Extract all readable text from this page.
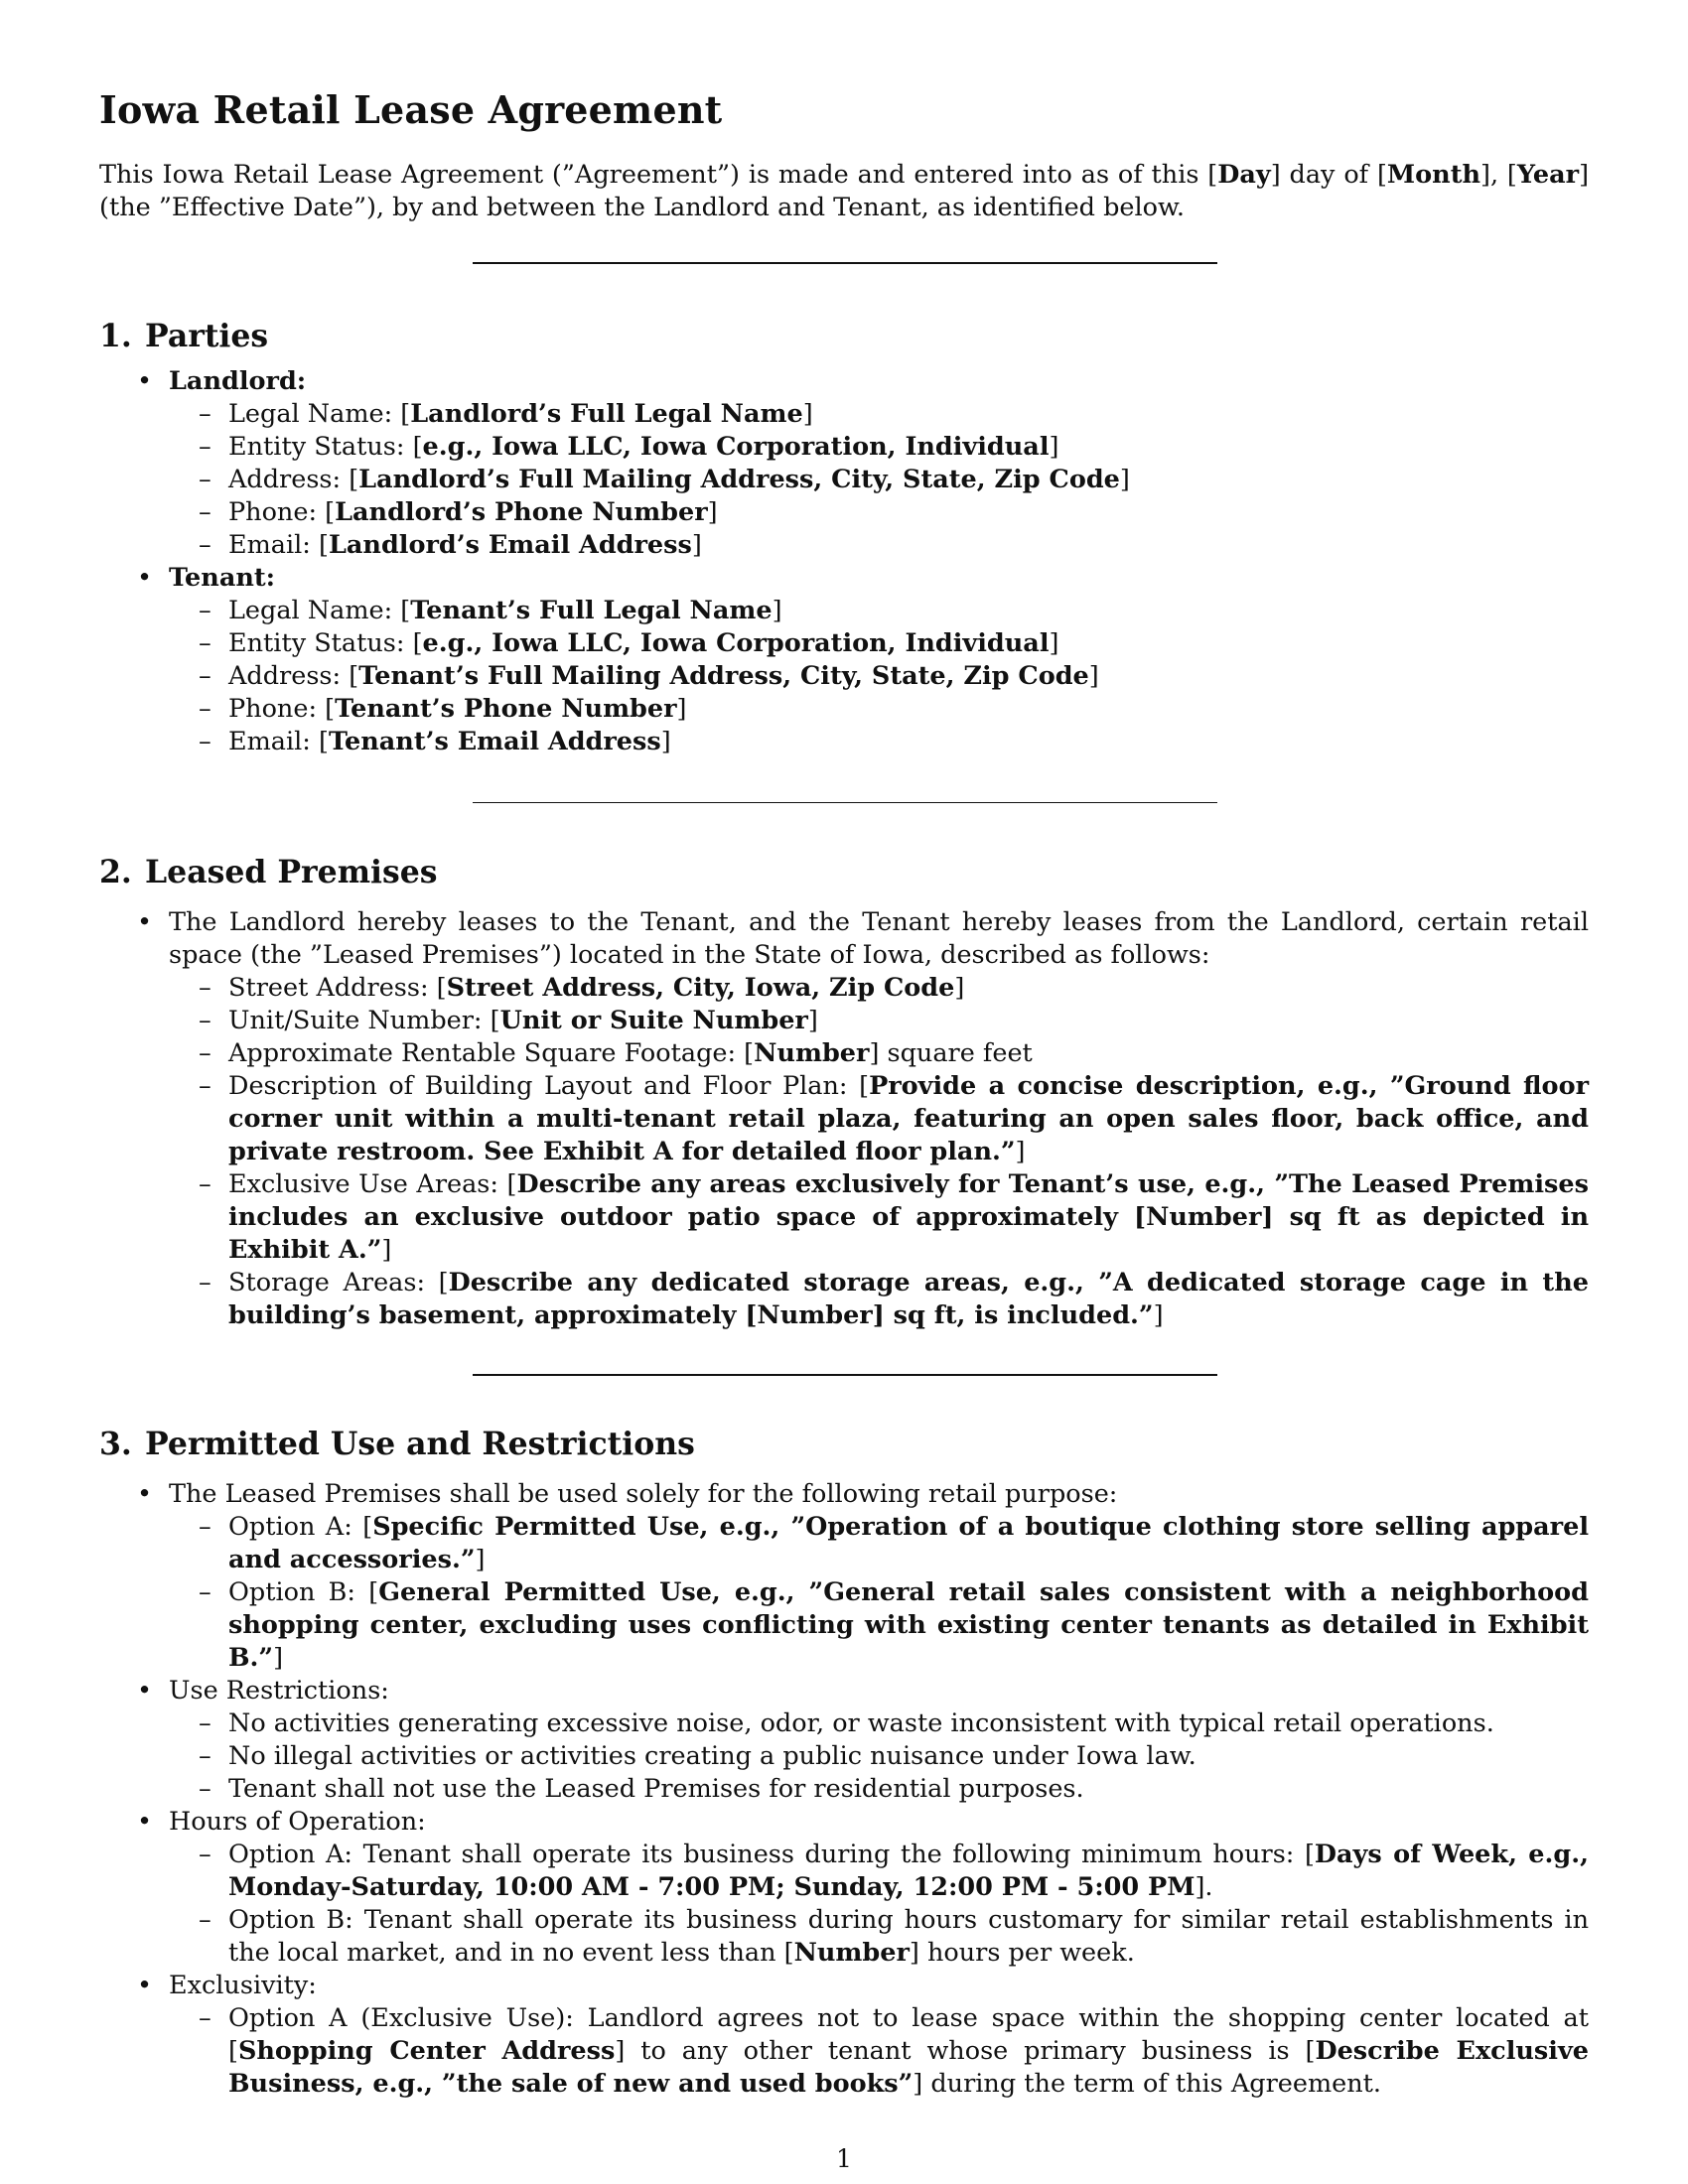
Iowa Retail Lease Agreement

This Iowa Retail Lease Agreement (”Agreement”) is made and entered into as of this [Day] day of [Month], [Year] (the ”Effective Date”), by and between the Landlord and Tenant, as identified below.

1. Parties
• Landlord:
– Legal Name: [Landlord’s Full Legal Name]
– Entity Status: [e.g., Iowa LLC, Iowa Corporation, Individual]
– Address: [Landlord’s Full Mailing Address, City, State, Zip Code]
– Phone: [Landlord’s Phone Number]
– Email: [Landlord’s Email Address]
• Tenant:
– Legal Name: [Tenant’s Full Legal Name]
– Entity Status: [e.g., Iowa LLC, Iowa Corporation, Individual]
– Address: [Tenant’s Full Mailing Address, City, State, Zip Code]
– Phone: [Tenant’s Phone Number]
– Email: [Tenant’s Email Address]
2. Leased Premises
• The Landlord hereby leases to the Tenant, and the Tenant hereby leases from the Landlord, certain retail space (the ”Leased Premises”) located in the State of Iowa, described as follows:
– Street Address: [Street Address, City, Iowa, Zip Code]
– Unit/Suite Number: [Unit or Suite Number]
– Approximate Rentable Square Footage: [Number] square feet
– Description of Building Layout and Floor Plan: [Provide a concise description, e.g., ”Ground floor corner unit within a multi-tenant retail plaza, featuring an open sales floor, back office, and private restroom. See Exhibit A for detailed floor plan.”]
– Exclusive Use Areas: [Describe any areas exclusively for Tenant’s use, e.g., ”The Leased Premises includes an exclusive outdoor patio space of approximately [Number] sq ft as depicted in Exhibit A.”]
– Storage Areas: [Describe any dedicated storage areas, e.g., ”A dedicated storage cage in the building’s basement, approximately [Number] sq ft, is included.”]
3. Permitted Use and Restrictions
• The Leased Premises shall be used solely for the following retail purpose:
– Option A: [Specific Permitted Use, e.g., ”Operation of a boutique clothing store selling apparel and accessories.”]
– Option B: [General Permitted Use, e.g., ”General retail sales consistent with a neighborhood shopping center, excluding uses conflicting with existing center tenants as detailed in Exhibit B.”]
• Use Restrictions:
– No activities generating excessive noise, odor, or waste inconsistent with typical retail operations.
– No illegal activities or activities creating a public nuisance under Iowa law.
– Tenant shall not use the Leased Premises for residential purposes.
• Hours of Operation:
– Option A: Tenant shall operate its business during the following minimum hours: [Days of Week, e.g., Monday-Saturday, 10:00 AM - 7:00 PM; Sunday, 12:00 PM - 5:00 PM].
– Option B: Tenant shall operate its business during hours customary for similar retail establishments in the local market, and in no event less than [Number] hours per week.
• Exclusivity:
– Option A (Exclusive Use): Landlord agrees not to lease space within the shopping center located at [Shopping Center Address] to any other tenant whose primary business is [Describe Exclusive Business, e.g., ”the sale of new and used books”] during the term of this Agreement.
1
